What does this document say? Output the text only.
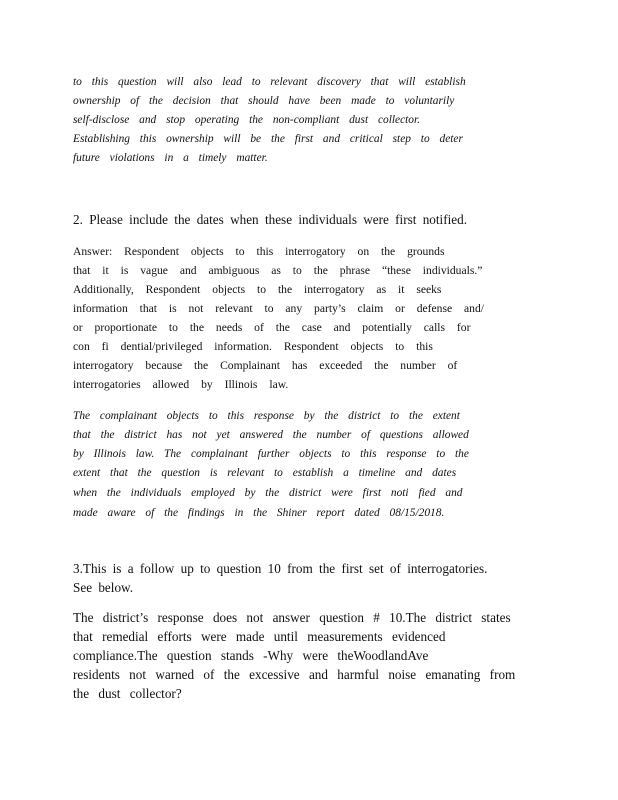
to this question will also lead to relevant discovery that will establish
ownership of the decision that should have been made to voluntarily
self-disclose and stop operating the non-compliant dust collector.
Establishing this ownership will be the first and critical step to deter
future violations in a timely matter.
2. Please include the dates when these individuals were first notified.
Answer: Respondent objects to this interrogatory on the grounds
that it is vague and ambiguous as to the phrase “these individuals.”
Additionally, Respondent objects to the interrogatory as it seeks
information that is not relevant to any party’s claim or defense and/
or proportionate to the needs of the case and potentially calls for
con fi dential/privileged information. Respondent objects to this
interrogatory because the Complainant has exceeded the number of
interrogatories allowed by Illinois law.
The complainant objects to this response by the district to the extent
that the district has not yet answered the number of questions allowed
by Illinois law. The complainant further objects to this response to the
extent that the question is relevant to establish a timeline and dates
when the individuals employed by the district were first noti fied and
made aware of the findings in the Shiner report dated 08/15/2018.
3.This is a follow up to question 10 from the first set of interrogatories.
See below.
The district’s response does not answer question # 10.The district states
that remedial efforts were made until measurements evidenced
compliance.The question stands -Why were theWoodlandAve
residents not warned of the excessive and harmful noise emanating from
the dust collector?
